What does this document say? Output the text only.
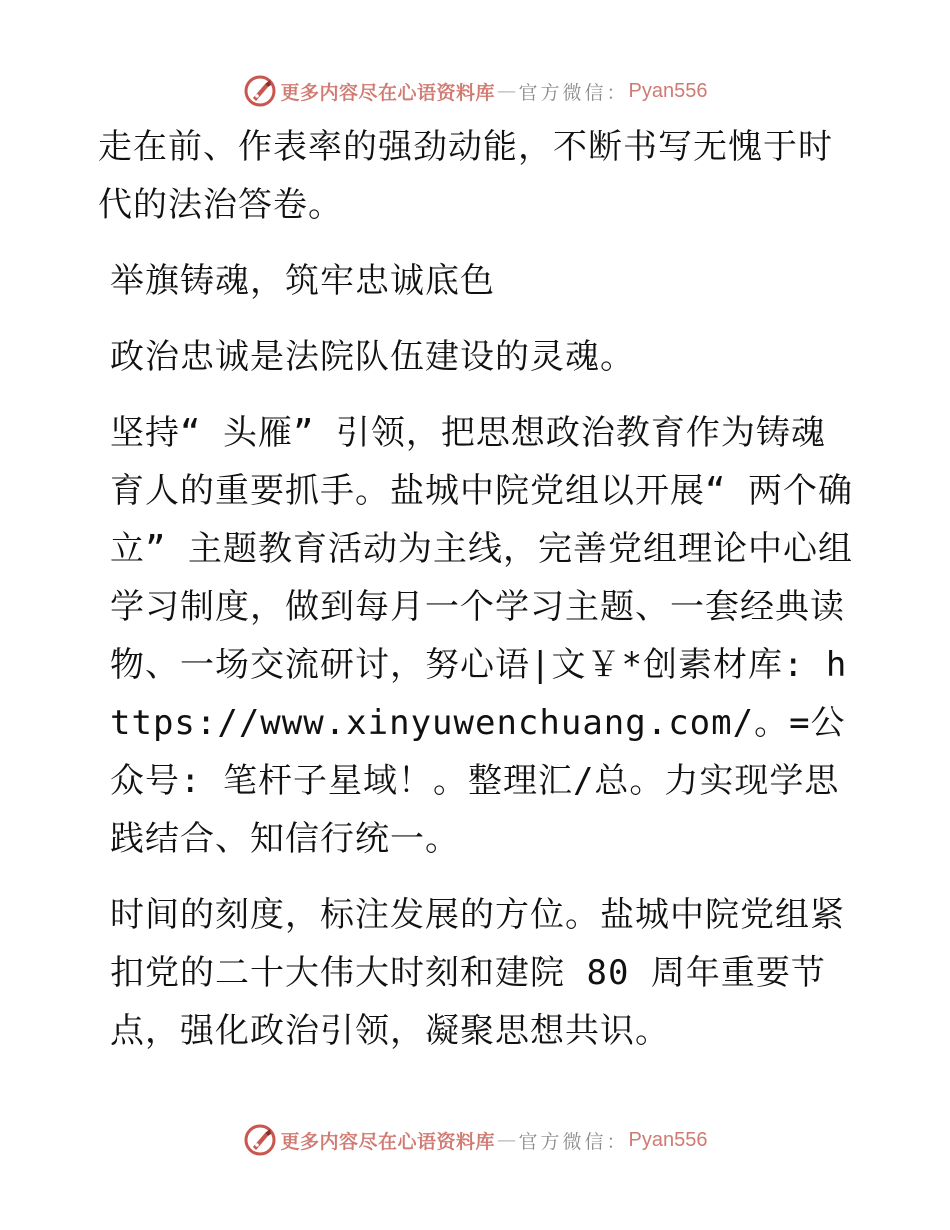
更多内容尽在心语资料库 — 官方微信： Pyan556

走在前、作表率的强劲动能，不断书写无愧于时代的法治答卷。

举旗铸魂，筑牢忠诚底色

政治忠诚是法院队伍建设的灵魂。

坚持“ 头雁” 引领，把思想政治教育作为铸魂育人的重要抓手。盐城中院党组以开展“ 两个确立” 主题教育活动为主线，完善党组理论中心组学习制度，做到每月一个学习主题、一套经典读物、一场交流研讨，努心语|文￥*创素材库: https://www.xinyuwenchuang.com/。=公众号: 笔杆子星域！。整理汇/总。力实现学思践结合、知信行统一。

时间的刻度，标注发展的方位。盐城中院党组紧扣党的二十大伟大时刻和建院 80 周年重要节点，强化政治引领，凝聚思想共识。

更多内容尽在心语资料库 — 官方微信： Pyan556
